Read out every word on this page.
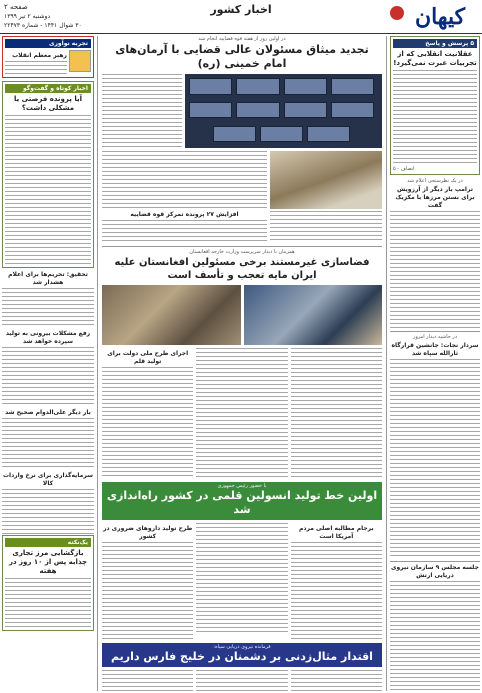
کیهان
اخبار کشور
صفحه ۲
دوشنبه ۲ تیر ۱۳۹۹
۳۰ شوال ۱۴۴۱ - شماره ۲۲۴۷۳
۵ پرسش و پاسخ
عقلانیت انقلابی که از تجربیات عبرت نمی‌گیرد!
انصاف - ۵
در یک نظرسنجی اعلام شد
ترامپ بار دیگر از آرزویش برای بستن مرزها با مکزیک گفت
در حاشیه دیدار امروز
سردار نجات: جانشین قرارگاه ثارالله سپاه شد
جلسه مجلس ۹ سازمان نیروی دریایی ارتش
تجربه نوآوری
رهبر معظم انقلاب
اخبار کوتاه و گفت‌وگو
آیا پرونده فرصتی یا مشکلی داشت؟
تحقیق: تحریم‌ها برای اعلام هشدار شد
رفع مشکلات بیرونی به تولید سپرده خواهد شد
بار دیگر علی‌الدوام صحیح شد
سرمایه‌گذاری برای نرخ واردات کالا
یک‌نکته
بازگشایی مرز تجاری چذابه پس از ۱۰ روز در هفته
در اولین روز از هفته قوه قضاییه انجام شد
تجدید میثاق مسئولان عالی قضایی با آرمان‌های امام خمینی (ره)
افزایش ۲۷ پرونده تمرکز قوه قضاییه
همزمان با دیدار سرپرست وزارت خارجه افغانستان
فضاسازی غیرمستند برخی مسئولین افغانستان علیه ایران مایه تعجب و تأسف است
اجرای طرح ملی دولت برای تولید قلم
با حضور رئیس جمهوری
اولین خط تولید انسولین قلمی در کشور راه‌اندازی شد
برجام مطالبه اصلی مردم آمریکا است
طرح تولید داروهای ضروری در کشور
فرمانده نیروی دریایی سپاه:
اقتدار مثال‌زدنی بر دشمنان در خلیج فارس داریم
